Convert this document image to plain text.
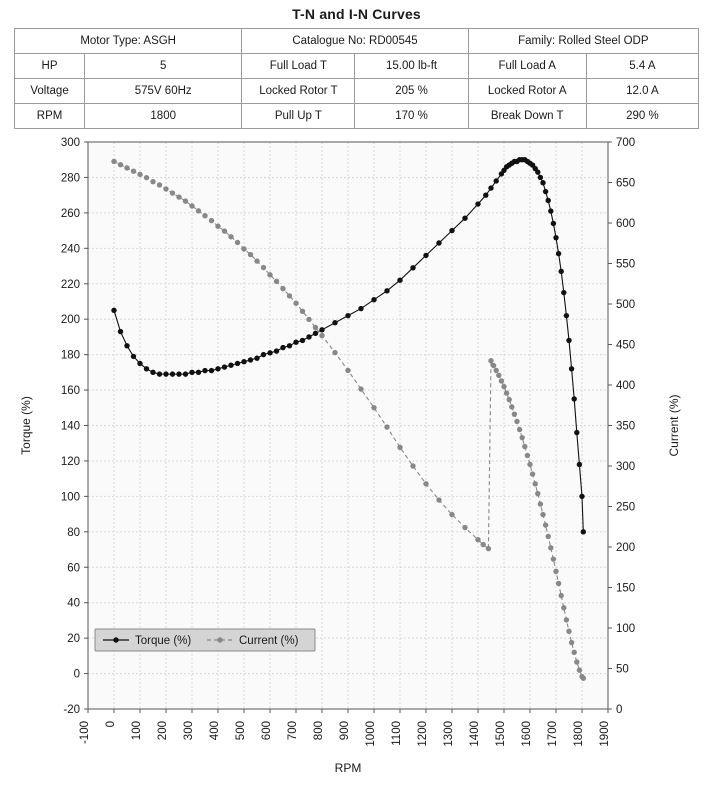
T-N and I-N Curves
Motor Type: ASGH		Catalogue No: RD00545		Family: Rolled Steel ODP	
HP	5	Full Load T	15.00 lb-ft	Full Load A	5.4 A
Voltage	575V 60Hz	Locked Rotor T	205 %	Locked Rotor A	12.0 A
RPM	1800	Pull Up T	170 %	Break Down T	290 %
-20
0
20
40
60
80
100
120
140
160
180
200
220
240
260
280
300
0
50
100
150
200
250
300
350
400
450
500
550
600
650
700
-100 0 100 200 300 400 500 600 700 800 900 1000 1100 1200 1300 1400 1500 1600 1700 1800 1900
Torque (%)	Current (%)
RPM
Torque (%)	Current (%)
